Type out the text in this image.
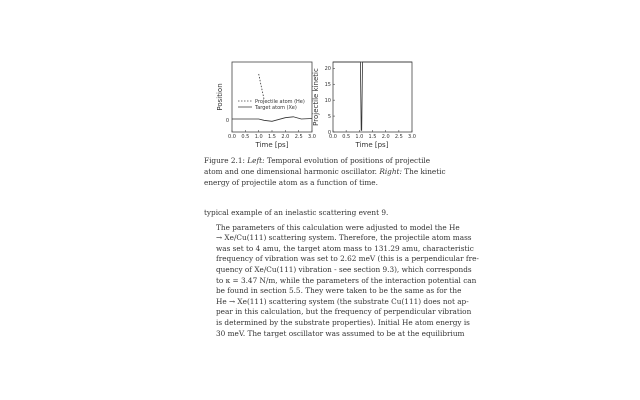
Position
0
0.0 0.5 1.0 1.5 2.0 2.5 3.0
Time [ps]
Projectile atom (He)
Target atom (Xe) Projectile kinetic
0
5
10
15
20
0.0 0.5 1.0 1.5 2.0 2.5 3.0
Time [ps]
Figure 2.1: Left: Temporal evolution of positions of projectile atom and one dimensional harmonic oscillator. Right: The kinetic energy of projectile atom as a function of time.

typical example of an inelastic scattering event 9.

The parameters of this calculation were adjusted to model the He
→ Xe/Cu(111) scattering system. Therefore, the projectile atom mass
was set to 4 amu, the target atom mass to 131.29 amu, characteristic
frequency of vibration was set to 2.62 meV (this is a perpendicular fre-
quency of Xe/Cu(111) vibration - see section 9.3), which corresponds
to κ = 3.47 N/m, while the parameters of the interaction potential can
be found in section 5.5. They were taken to be the same as for the
He → Xe(111) scattering system (the substrate Cu(111) does not ap-
pear in this calculation, but the frequency of perpendicular vibration
is determined by the substrate properties). Initial He atom energy is
30 meV. The target oscillator was assumed to be at the equilibrium
